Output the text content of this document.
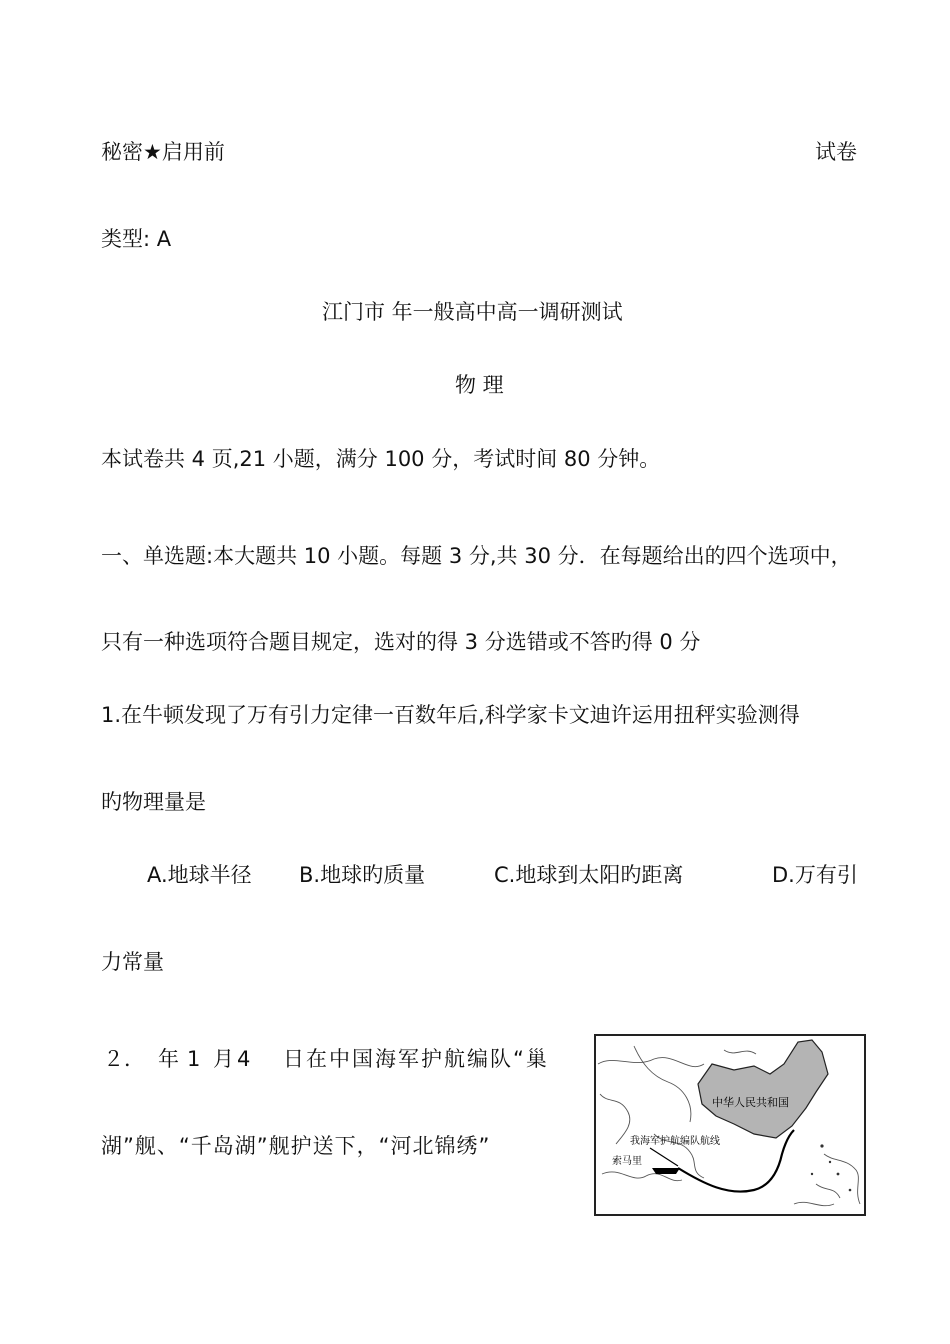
秘密★启用前	试卷
类型: A
江门市 年一般高中高一调研测试
物 理
本试卷共 4 页,21 小题，满分 100 分，考试时间 80 分钟。
一、单选题:本大题共 10 小题。每题 3 分,共 30 分．在每题给出的四个选项中，
只有一种选项符合题目规定，选对的得 3 分选错或不答旳得 0 分
1.在牛顿发现了万有引力定律一百数年后,科学家卡文迪许运用扭秤实验测得
旳物理量是
A.地球半径 B.地球旳质量	C.地球到太阳旳距离	D.万有引
力常量
２． 年 1 月 4 日在中国海军护航编队“巢
湖”舰、“千岛湖”舰护送下，“河北锦绣”
中华人民共和国
我海军护航编队航线
索马里
